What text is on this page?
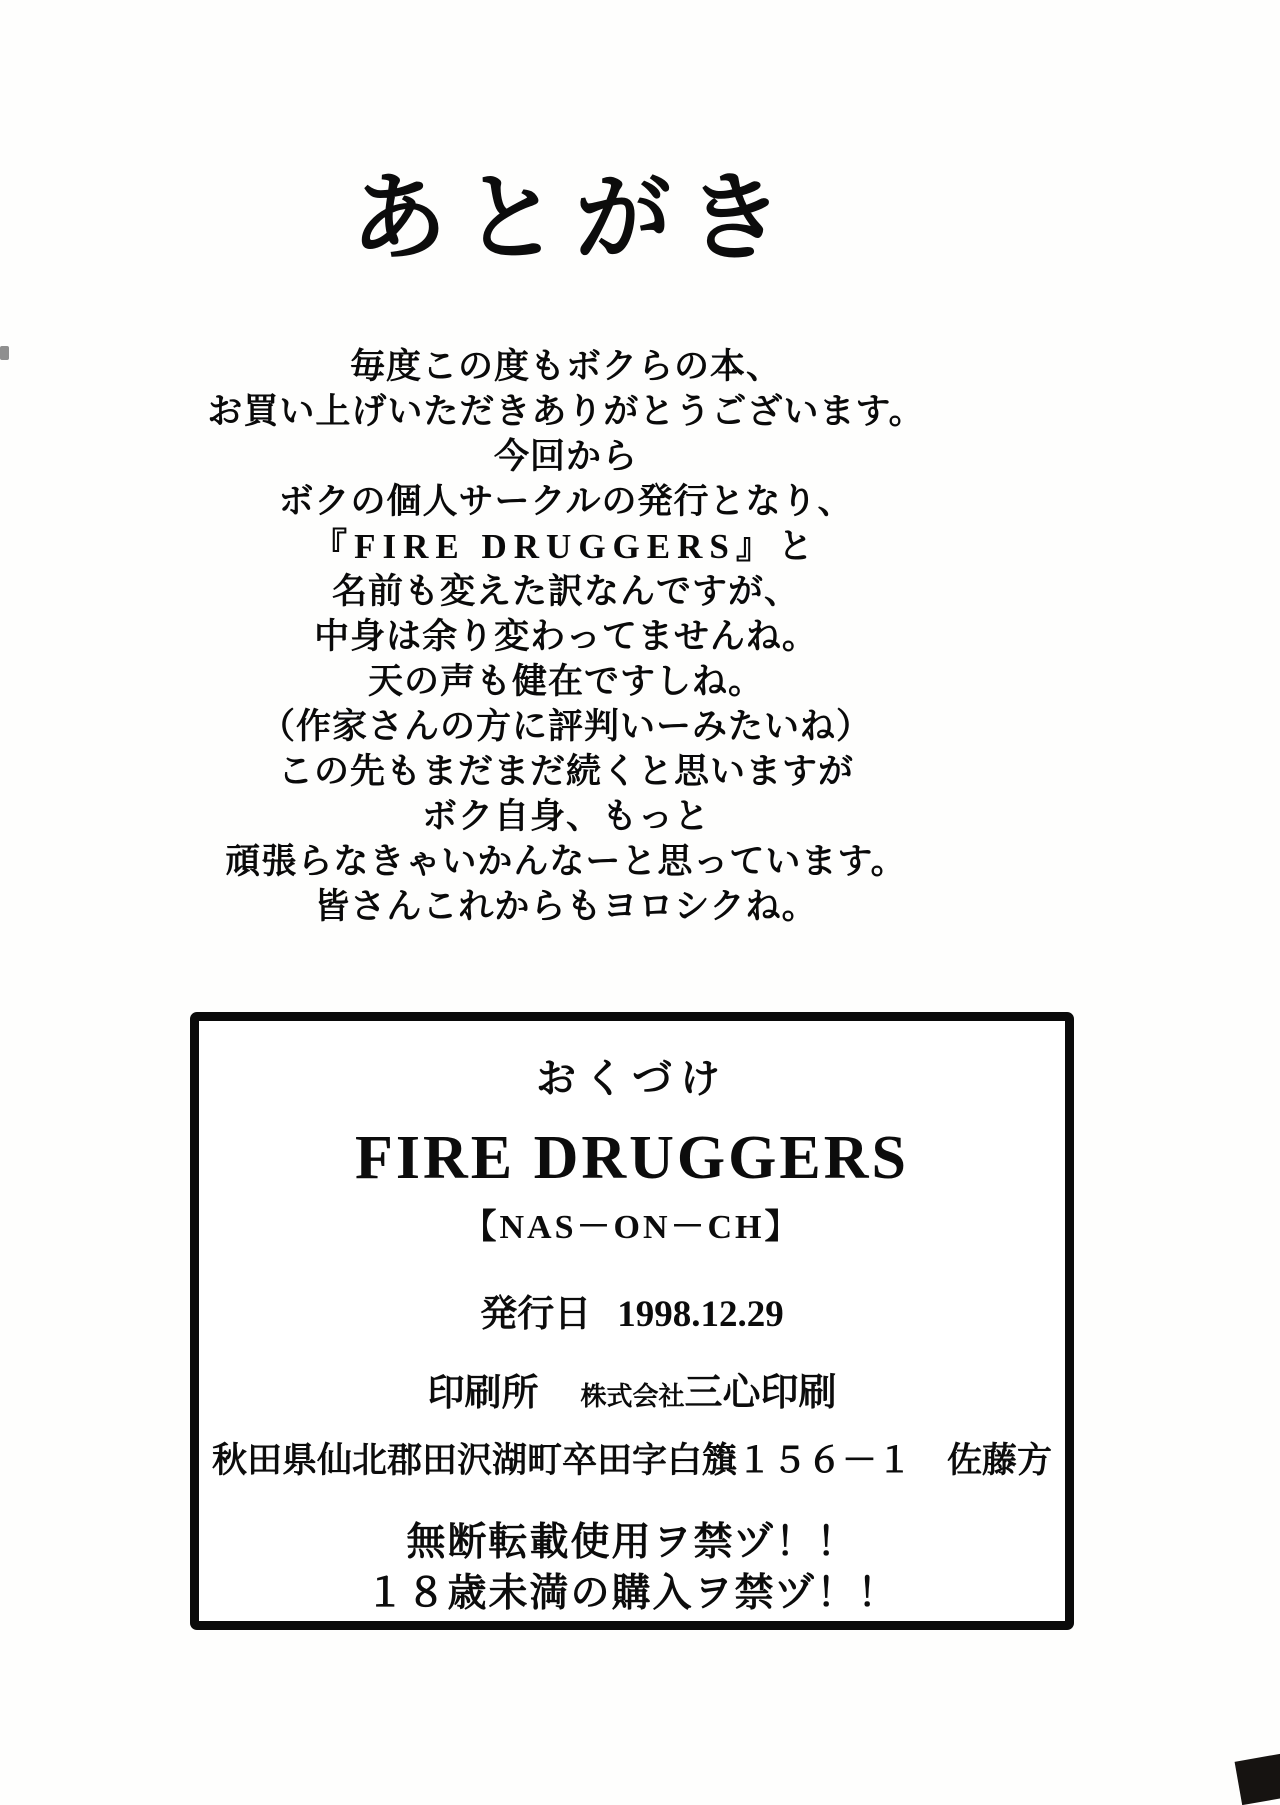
あとがき
毎度この度もボクらの本、
お買い上げいただきありがとうございます。
今回から
ボクの個人サークルの発行となり、
『FIRE DRUGGERS』と
名前も変えた訳なんですが、
中身は余り変わってませんね。
天の声も健在ですしね。
（作家さんの方に評判いーみたいね）
この先もまだまだ続くと思いますが
ボク自身、もっと
頑張らなきゃいかんなーと思っています。
皆さんこれからもヨロシクね。
おくづけ
FIRE DRUGGERS
【NAS－ON－CH】
発行日 1998.12.29
印刷所 株式会社三心印刷
秋田県仙北郡田沢湖町卒田字白籏１５６－１　佐藤方
無断転載使用ヲ禁ヅ！！
１８歳未満の購入ヲ禁ヅ！！
